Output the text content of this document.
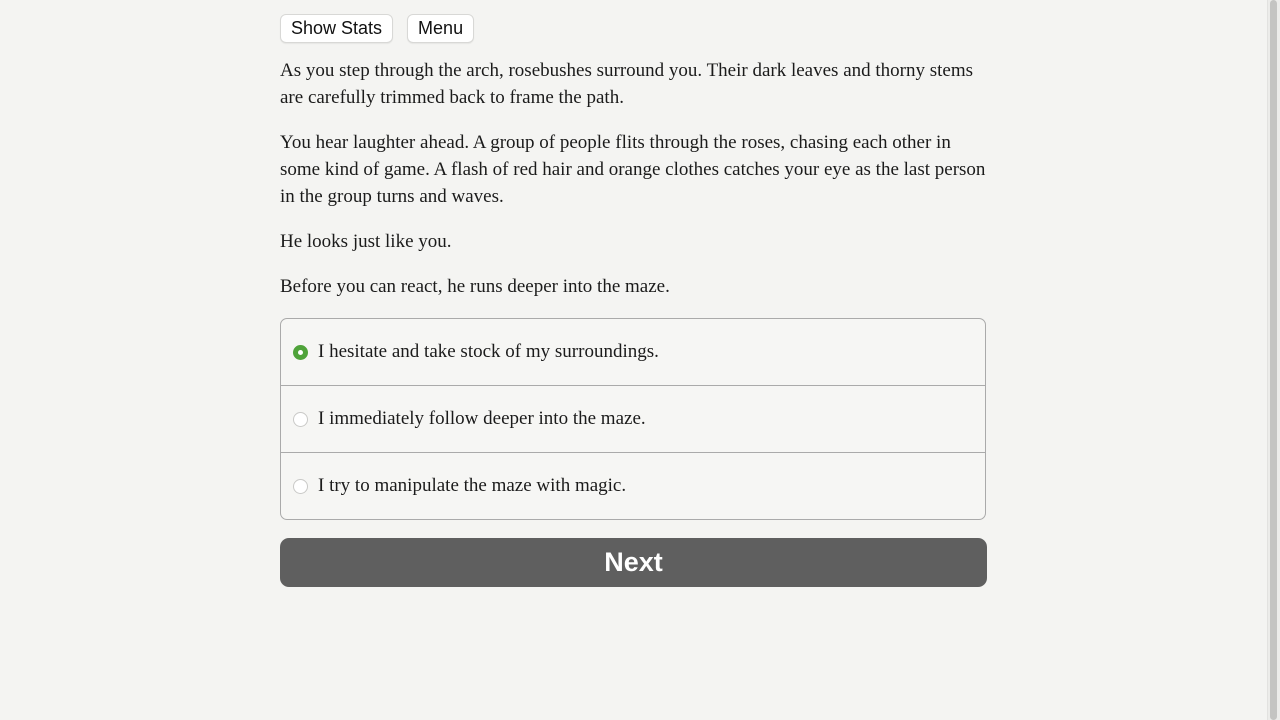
Show Stats	Menu

As you step through the arch, rosebushes surround you. Their dark leaves and thorny stems are carefully trimmed back to frame the path.

You hear laughter ahead. A group of people flits through the roses, chasing each other in some kind of game. A flash of red hair and orange clothes catches your eye as the last person in the group turns and waves.

He looks just like you.

Before you can react, he runs deeper into the maze.

I hesitate and take stock of my surroundings.
I immediately follow deeper into the maze.
I try to manipulate the maze with magic.
Next
